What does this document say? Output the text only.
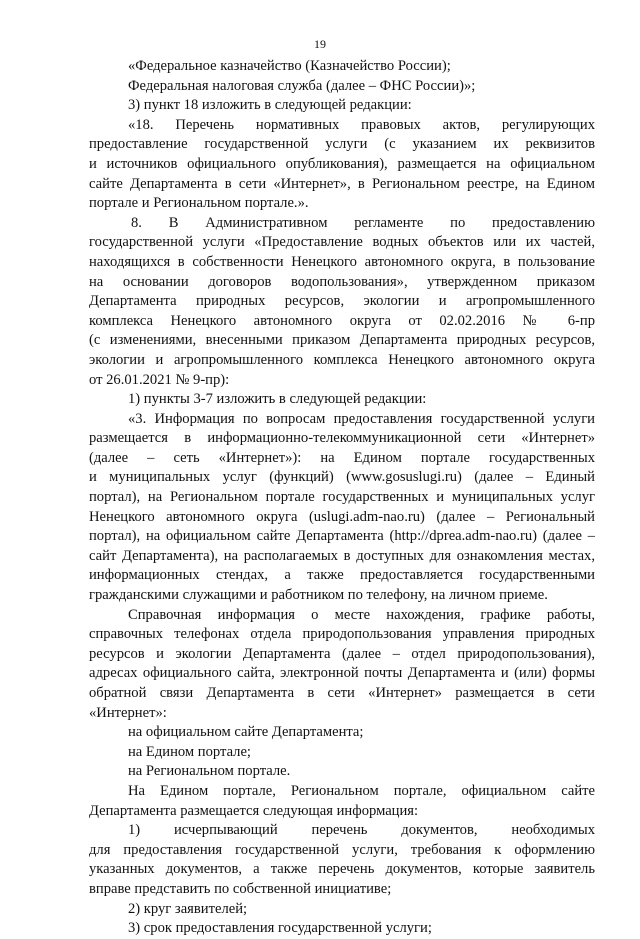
19
«Федеральное казначейство (Казначейство России);
Федеральная налоговая служба (далее – ФНС России)»;
3) пункт 18 изложить в следующей редакции:
«18. Перечень нормативных правовых актов, регулирующих
предоставление государственной услуги (с указанием их реквизитов
и источников официального опубликования), размещается на официальном
сайте Департамента в сети «Интернет», в Региональном реестре, на Едином
портале и Региональном портале.».
8. В Административном регламенте по предоставлению
государственной услуги «Предоставление водных объектов или их частей,
находящихся в собственности Ненецкого автономного округа, в пользование
на основании договоров водопользования», утвержденном приказом
Департамента природных ресурсов, экологии и агропромышленного
комплекса Ненецкого автономного округа от 02.02.2016 № 6-пр
(с изменениями, внесенными приказом Департамента природных ресурсов,
экологии и агропромышленного комплекса Ненецкого автономного округа
от 26.01.2021 № 9-пр):
1) пункты 3-7 изложить в следующей редакции:
«3. Информация по вопросам предоставления государственной услуги
размещается в информационно-телекоммуникационной сети «Интернет»
(далее – сеть «Интернет»): на Едином портале государственных
и муниципальных услуг (функций) (www.gosuslugi.ru) (далее – Единый
портал), на Региональном портале государственных и муниципальных услуг
Ненецкого автономного округа (uslugi.adm-nao.ru) (далее – Региональный
портал), на официальном сайте Департамента (http://dprea.adm-nao.ru) (далее –
сайт Департамента), на располагаемых в доступных для ознакомления местах,
информационных стендах, а также предоставляется государственными
гражданскими служащими и работником по телефону, на личном приеме.
Справочная информация о месте нахождения, графике работы,
справочных телефонах отдела природопользования управления природных
ресурсов и экологии Департамента (далее – отдел природопользования),
адресах официального сайта, электронной почты Департамента и (или) формы
обратной связи Департамента в сети «Интернет» размещается в сети
«Интернет»:
на официальном сайте Департамента;
на Едином портале;
на Региональном портале.
На Едином портале, Региональном портале, официальном сайте
Департамента размещается следующая информация:
1) исчерпывающий перечень документов, необходимых
для предоставления государственной услуги, требования к оформлению
указанных документов, а также перечень документов, которые заявитель
вправе представить по собственной инициативе;
2) круг заявителей;
3) срок предоставления государственной услуги;
